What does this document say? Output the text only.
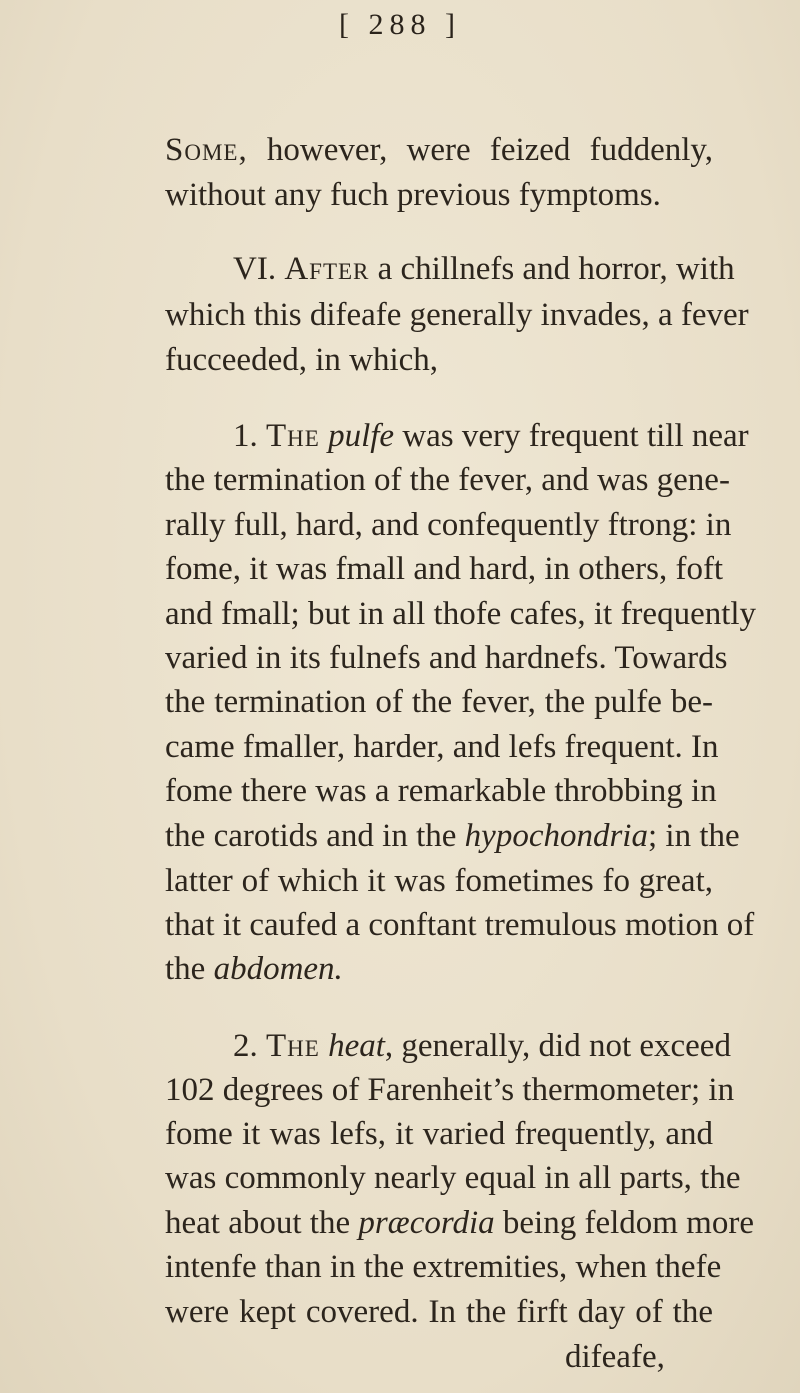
[ 288 ]
Some, however, were feized fuddenly,
without any fuch previous fymptoms.
VI. After a chillnefs and horror, with
which this difeafe generally invades, a fever
fucceeded, in which,
1. The pulfe was very frequent till near
the termination of the fever, and was gene-
rally full, hard, and confequently ftrong: in
fome, it was fmall and hard, in others, foft
and fmall; but in all thofe cafes, it frequently
varied in its fulnefs and hardnefs. Towards
the termination of the fever, the pulfe be-
came fmaller, harder, and lefs frequent. In
fome there was a remarkable throbbing in
the carotids and in the hypochondria; in the
latter of which it was fometimes fo great,
that it caufed a conftant tremulous motion of
the abdomen.
2. The heat, generally, did not exceed
102 degrees of Farenheit’s thermometer; in
fome it was lefs, it varied frequently, and
was commonly nearly equal in all parts, the
heat about the præcordia being feldom more
intenfe than in the extremities, when thefe
were kept covered. In the firft day of the
difeafe,
